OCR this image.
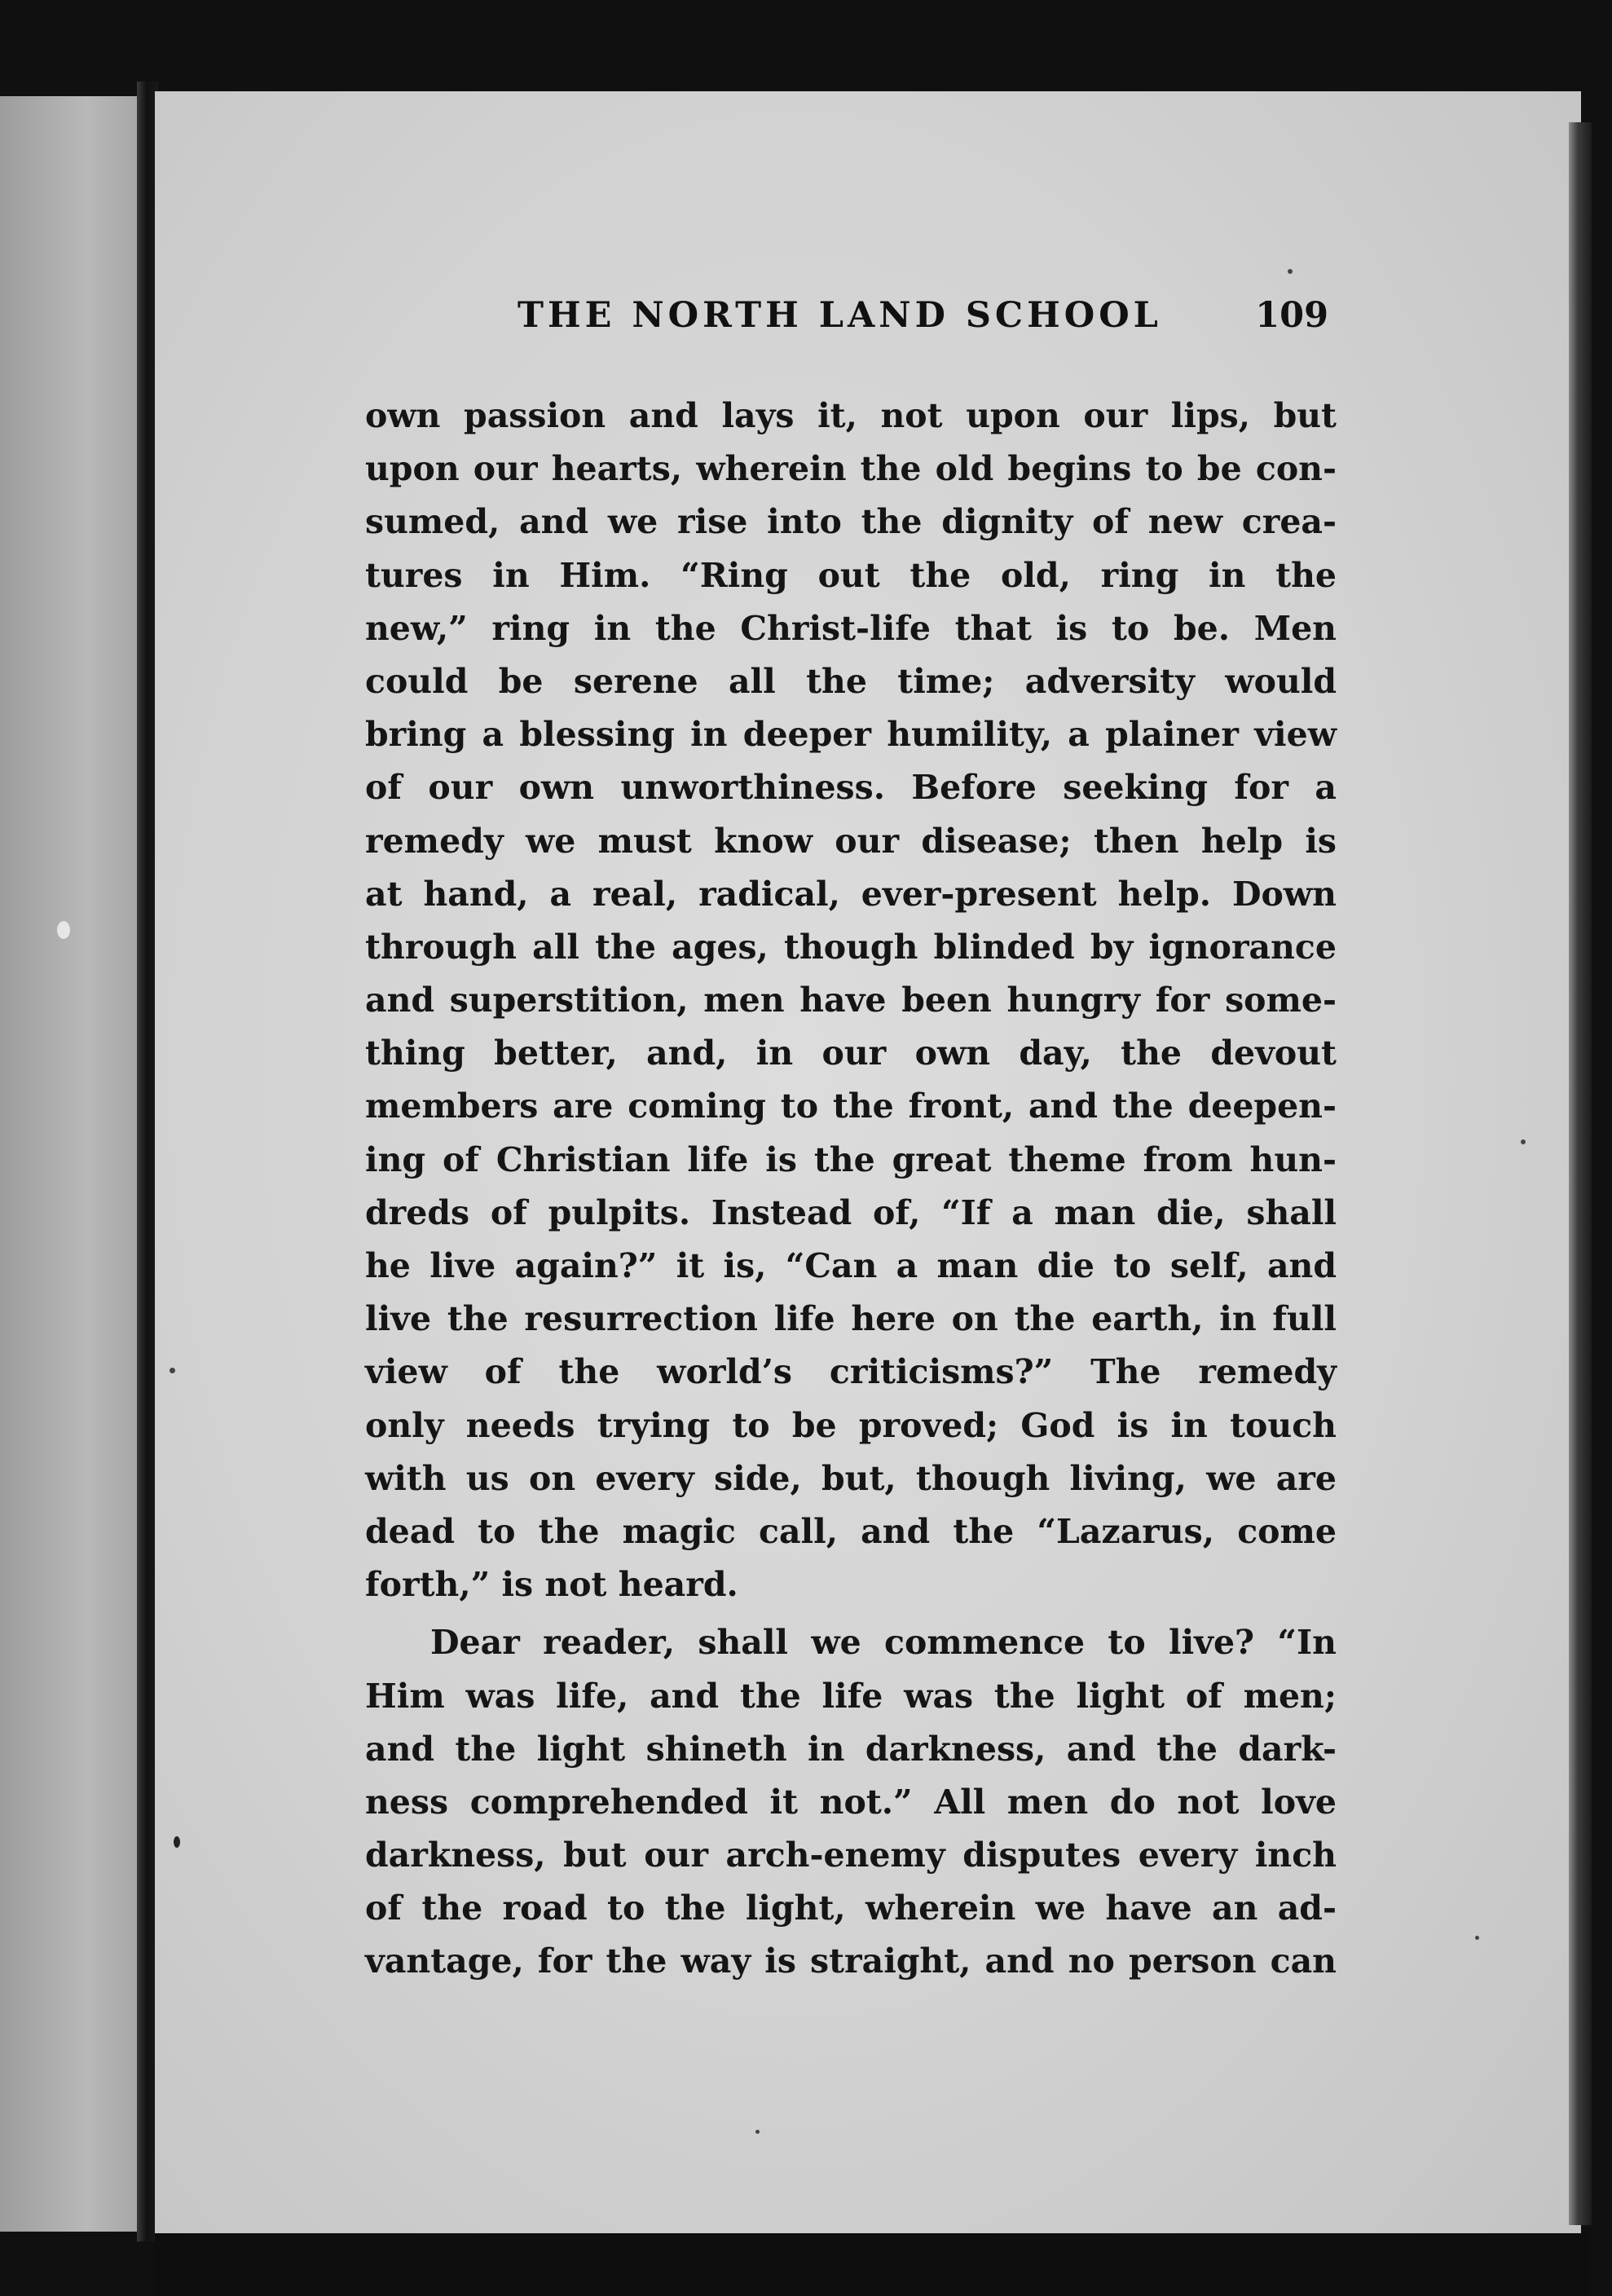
THE NORTH LAND SCHOOL	109
own passion and lays it, not upon our lips, but
upon our hearts, wherein the old begins to be con-
sumed, and we rise into the dignity of new crea-
tures in Him. “Ring out the old, ring in the
new,” ring in the Christ-life that is to be. Men
could be serene all the time; adversity would
bring a blessing in deeper humility, a plainer view
of our own unworthiness. Before seeking for a
remedy we must know our disease; then help is
at hand, a real, radical, ever-present help. Down
through all the ages, though blinded by ignorance
and superstition, men have been hungry for some-
thing better, and, in our own day, the devout
members are coming to the front, and the deepen-
ing of Christian life is the great theme from hun-
dreds of pulpits. Instead of, “If a man die, shall
he live again?” it is, “Can a man die to self, and
live the resurrection life here on the earth, in full
view of the world’s criticisms?” The remedy
only needs trying to be proved; God is in touch
with us on every side, but, though living, we are
dead to the magic call, and the “Lazarus, come
forth,” is not heard.
Dear reader, shall we commence to live? “In
Him was life, and the life was the light of men;
and the light shineth in darkness, and the dark-
ness comprehended it not.” All men do not love
darkness, but our arch-enemy disputes every inch
of the road to the light, wherein we have an ad-
vantage, for the way is straight, and no person can
